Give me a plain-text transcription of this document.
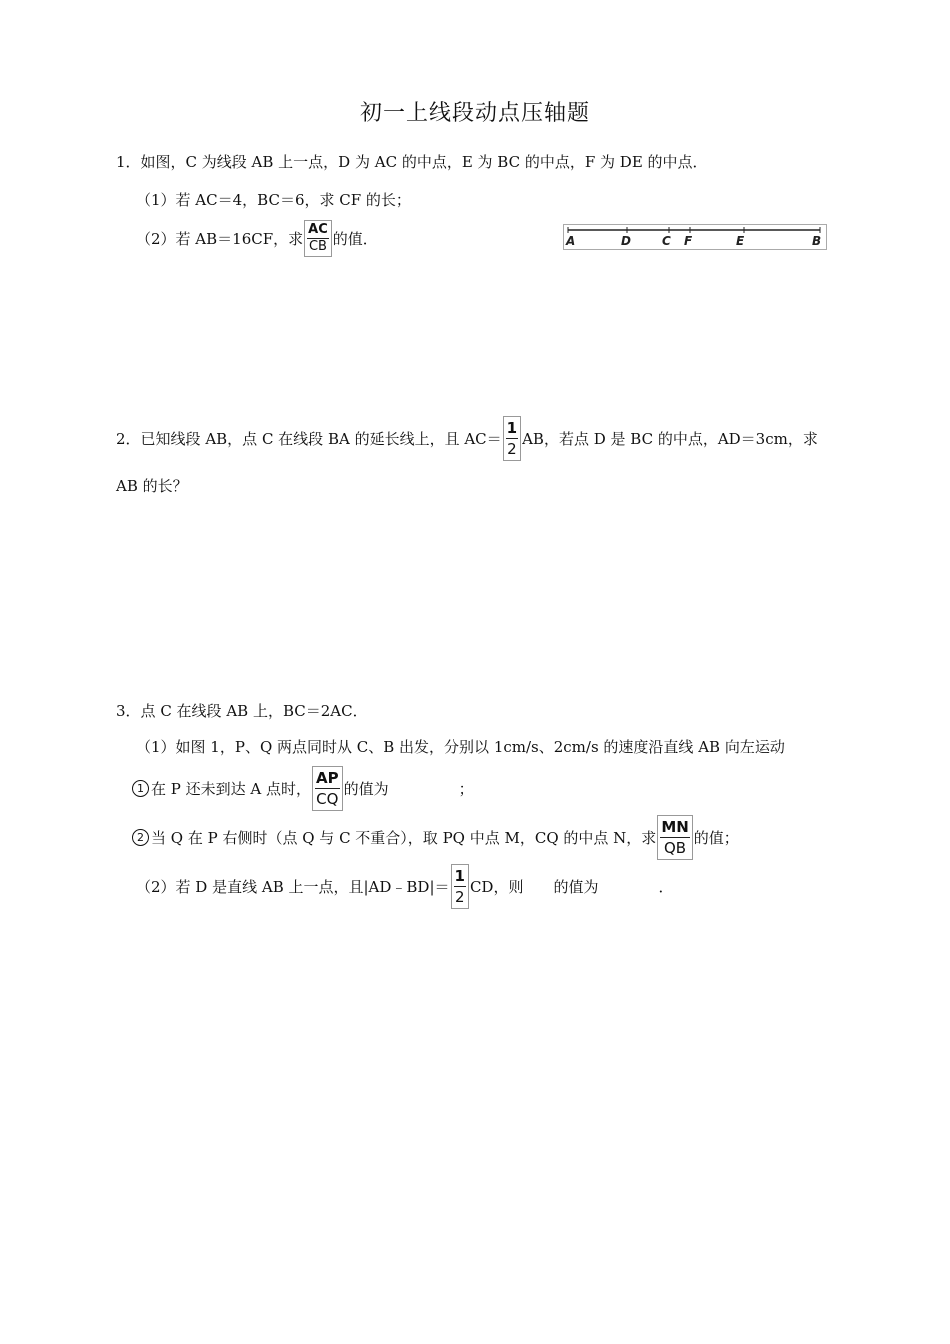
初一上线段动点压轴题
1．如图，C 为线段 AB 上一点，D 为 AC 的中点，E 为 BC 的中点，F 为 DE 的中点．
（1）若 AC＝4，BC＝6，求 CF 的长；
（2）若 AB＝16CF，求 $\frac{AC}{CB}$ 的值．	A	D	C F	E	B
2． 已知线段 AB，点 C 在线段 BA 的延长线上，且 $AC= \frac{1}{2}$ AB，若点 D 是 BC 的中点，AD＝3cm，求
AB 的长？
3．点 C 在线段 AB 上，BC＝2AC．
（1）如图 1，P、Q 两点同时从 C、B 出发，分别以 1cm/s、2cm/s 的速度沿直线 AB 向左运动
1 在 P 还未到达 A 点时， $\frac{AP}{CQ}$ 的值为	；
2 当 Q 在 P 右侧时（点 Q 与 C 不重合），取 PQ 中点 M，CQ 的中点 N，求 $\frac{MN}{QB}$ 的值；
（2）若 D 是直线 AB 上一点，且|AD﹣BD|＝ $\frac{1}{2}$ CD，则 的值为	．
